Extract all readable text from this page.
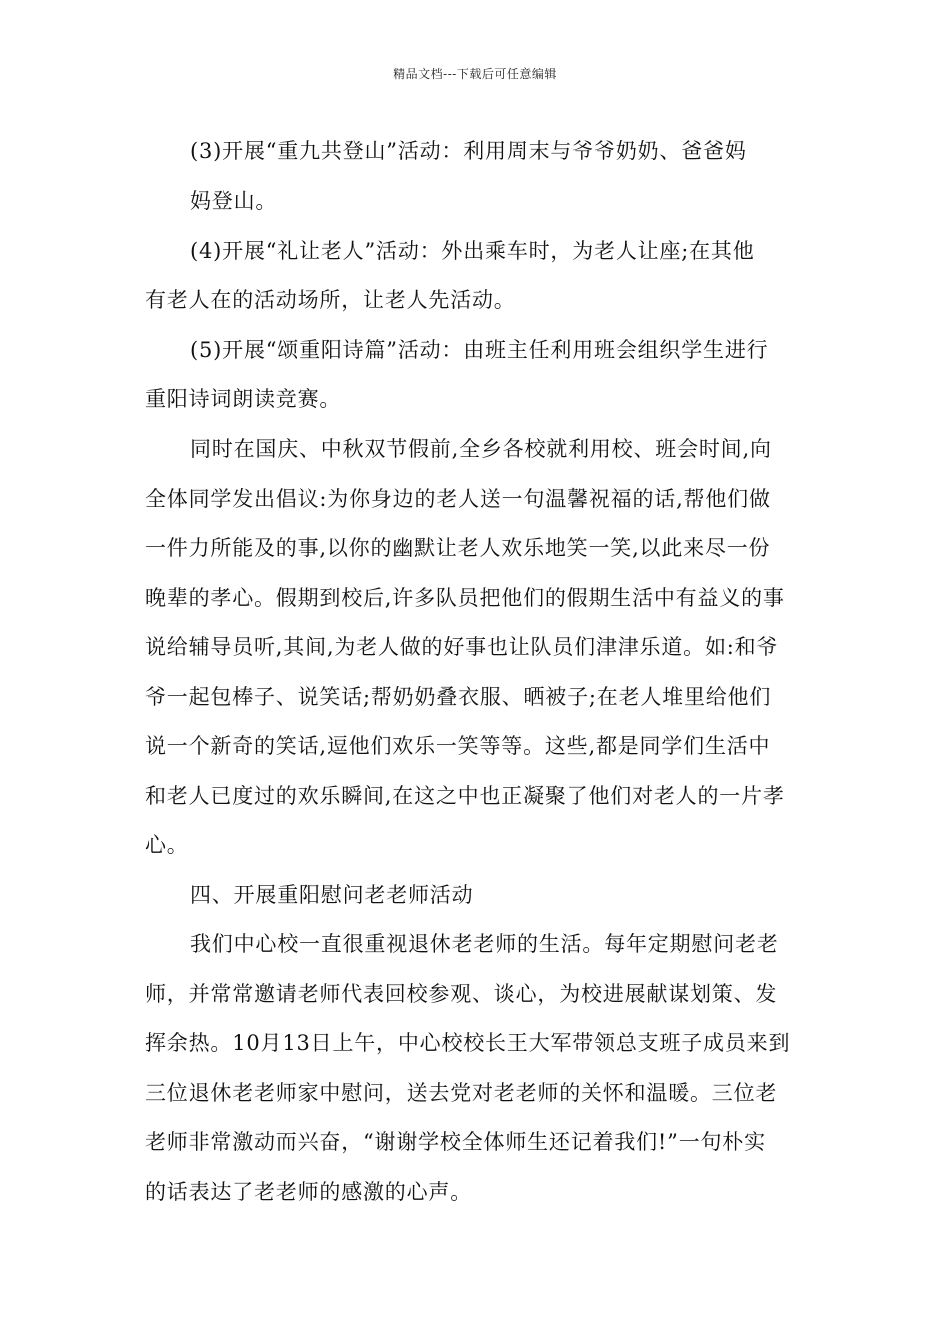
精品文档---下载后可任意编辑
(3)开展“重九共登山”活动：利用周末与爷爷奶奶、爸爸妈
妈登山。
(4)开展“礼让老人”活动：外出乘车时，为老人让座;在其他
有老人在的活动场所，让老人先活动。
(5)开展“颂重阳诗篇”活动：由班主任利用班会组织学生进行
重阳诗词朗读竞赛。
同时在国庆、中秋双节假前,全乡各校就利用校、班会时间,向
全体同学发出倡议:为你身边的老人送一句温馨祝福的话,帮他们做
一件力所能及的事,以你的幽默让老人欢乐地笑一笑,以此来尽一份
晚辈的孝心。假期到校后,许多队员把他们的假期生活中有益义的事
说给辅导员听,其间,为老人做的好事也让队员们津津乐道。如:和爷
爷一起包棒子、说笑话;帮奶奶叠衣服、晒被子;在老人堆里给他们
说一个新奇的笑话,逗他们欢乐一笑等等。这些,都是同学们生活中
和老人已度过的欢乐瞬间,在这之中也正凝聚了他们对老人的一片孝
心。
四、开展重阳慰问老老师活动
我们中心校一直很重视退休老老师的生活。每年定期慰问老老
师，并常常邀请老师代表回校参观、谈心，为校进展献谋划策、发
挥余热。10月13日上午，中心校校长王大军带领总支班子成员来到
三位退休老老师家中慰问，送去党对老老师的关怀和温暖。三位老
老师非常激动而兴奋，“谢谢学校全体师生还记着我们!”一句朴实
的话表达了老老师的感激的心声。
